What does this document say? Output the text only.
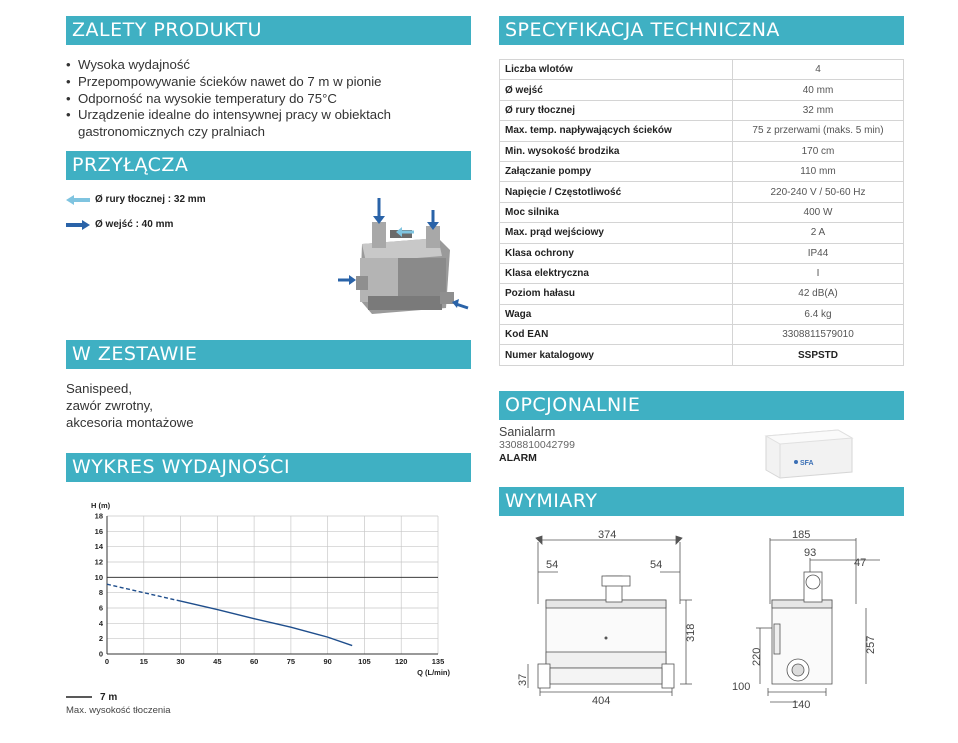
ZALETY PRODUKTU
• Wysoka wydajność
• Przepompowywanie ścieków nawet do 7 m w pionie
• Odporność na wysokie temperatury do 75°C
• Urządzenie idealne do intensywnej pracy w obiektach gastronomicznych czy pralniach
PRZYŁĄCZA
Ø rury tłocznej : 32 mm
Ø wejść : 40 mm
W ZESTAWIE
Sanispeed,
zawór zwrotny,
akcesoria montażowe
WYKRES WYDAJNOŚCI
18
16
14
12
10
8
6
4
2
0
0	15	30	45	60	75	90	105	120	135
H (m)
Q (L/min)
7 m
Max. wysokość tłoczenia
SPECYFIKACJA TECHNICZNA
Liczba wlotów	4
Ø wejść	40 mm
Ø rury tłocznej	32 mm
Max. temp. napływających ścieków	75 z przerwami (maks. 5 min)
Min. wysokość brodzika	170 cm
Załączanie pompy	110 mm
Napięcie / Częstotliwość	220-240 V / 50-60 Hz
Moc silnika	400 W
Max. prąd wejściowy	2 A
Klasa ochrony	IP44
Klasa elektryczna	I
Poziom hałasu	42 dB(A)
Waga	6.4 kg
Kod EAN	3308811579010
Numer katalogowy	SSPSTD
OPCJONALNIE
Sanialarm
3308810042799
ALARM	SFA
WYMIARY
374
54	54
318
37
404
185
93
47
220
257
100
140
